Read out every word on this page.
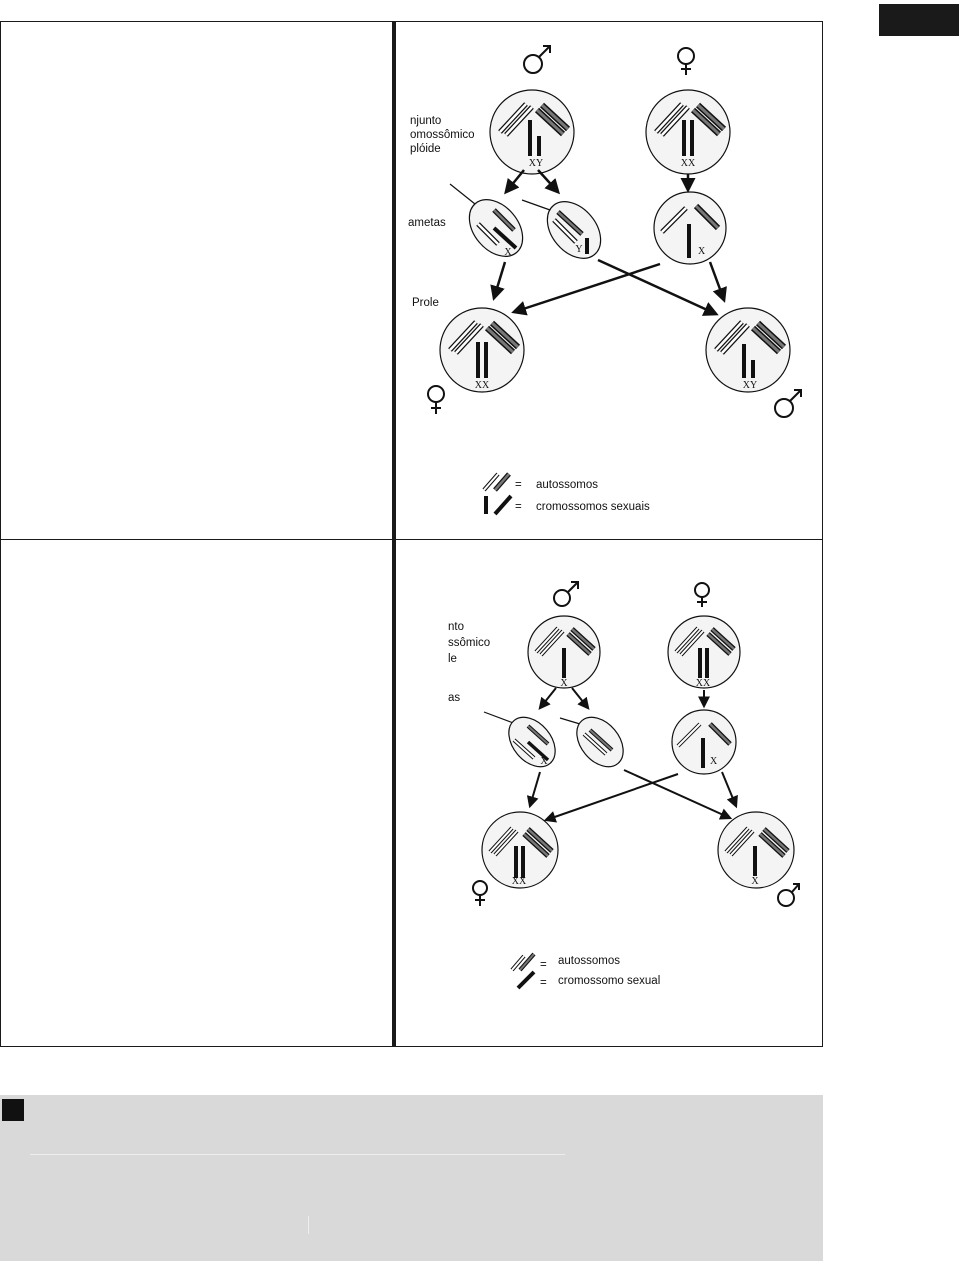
njunto
omossômico
plóide
ametas
Prole
XY	XX
X	Y	X
XX	XY
= autossomos
= cromossomos sexuais
nto
ssômico
le
as
X	XX
X	X
XX	X
= autossomos
= cromossomo sexual
